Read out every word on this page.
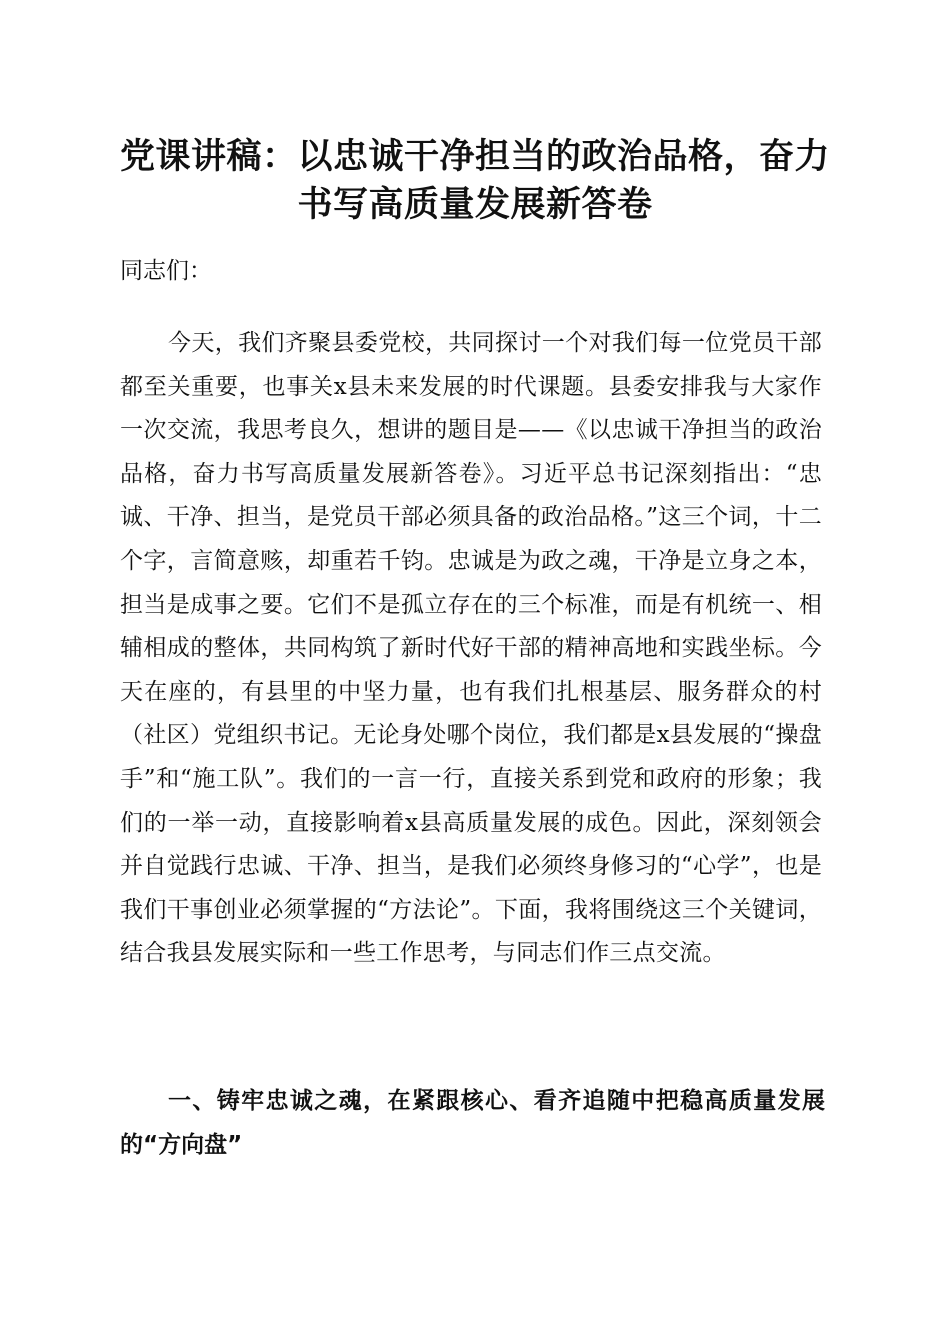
党课讲稿：以忠诚干净担当的政治品格，奋力
书写高质量发展新答卷

同志们：

今天，我们齐聚县委党校，共同探讨一个对我们每一位党员干部都至关重要，也事关x县未来发展的时代课题。县委安排我与大家作一次交流，我思考良久，想讲的题目是——《以忠诚干净担当的政治品格，奋力书写高质量发展新答卷》。习近平总书记深刻指出：“忠诚、干净、担当，是党员干部必须具备的政治品格。”这三个词，十二个字，言简意赅，却重若千钧。忠诚是为政之魂，干净是立身之本，担当是成事之要。它们不是孤立存在的三个标准，而是有机统一、相辅相成的整体，共同构筑了新时代好干部的精神高地和实践坐标。今天在座的，有县里的中坚力量，也有我们扎根基层、服务群众的村（社区）党组织书记。无论身处哪个岗位，我们都是x县发展的“操盘手”和“施工队”。我们的一言一行，直接关系到党和政府的形象；我们的一举一动，直接影响着x县高质量发展的成色。因此，深刻领会并自觉践行忠诚、干净、担当，是我们必须终身修习的“心学”，也是我们干事创业必须掌握的“方法论”。下面，我将围绕这三个关键词，结合我县发展实际和一些工作思考，与同志们作三点交流。

一、铸牢忠诚之魂，在紧跟核心、看齐追随中把稳高质量发展的“方向盘”
